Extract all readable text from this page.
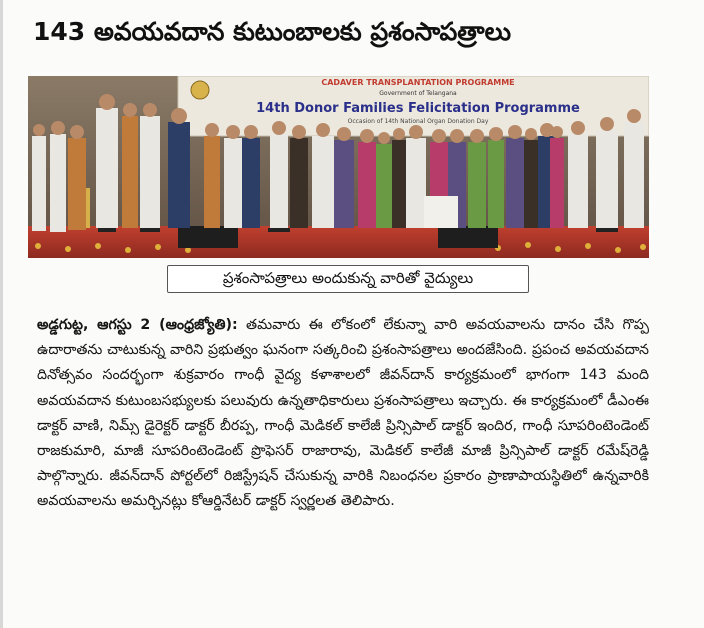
143 అవయవదాన కుటుంబాలకు ప్రశంసాపత్రాలు
CADAVER TRANSPLANTATION PROGRAMME
Government of Telangana
14th Donor Families Felicitation Programme
Occasion of 14th National Organ Donation Day
ప్రశంసాపత్రాలు అందుకున్న వారితో వైద్యులు

అడ్డగుట్ట, ఆగస్టు 2 (ఆంధ్రజ్యోతి): తమవారు ఈ లోకంలో లేకున్నా వారి అవయవాలను దానం చేసి గొప్ప ఉదారాతను చాటుకున్న వారిని ప్రభుత్వం ఘనంగా సత్కరించి ప్రశంసాపత్రాలు అందజేసింది. ప్రపంచ అవయవదాన దినోత్సవం సందర్భంగా శుక్రవారం గాంధీ వైద్య కళాశాలలో జీవన్‌దాన్ కార్యక్రమంలో భాగంగా 143 మంది అవయవదాన కుటుంబసభ్యులకు పలువురు ఉన్నతాధికారులు ప్రశంసాపత్రాలు ఇచ్చారు. ఈ కార్యక్రమంలో డీఎంఈ డాక్టర్ వాణి, నిమ్స్ డైరెక్టర్ డాక్టర్ బీరప్ప, గాంధీ మెడికల్ కాలేజీ ప్రిన్సిపాల్ డాక్టర్ ఇందిర, గాంధీ సూపరింటెండెంట్ రాజకుమారి, మాజీ సూపరింటెండెంట్ ప్రొఫెసర్ రాజారావు, మెడికల్ కాలేజీ మాజీ ప్రిన్సిపాల్ డాక్టర్ రమేష్‌రెడ్డి పాల్గొన్నారు. జీవన్‌దాన్ పోర్టల్‌లో రిజిస్ట్రేషన్ చేసుకున్న వారికి నిబంధనల ప్రకారం ప్రాణాపాయస్థితిలో ఉన్నవారికి అవయవాలను అమర్చినట్లు కోఆర్డినేటర్ డాక్టర్ స్వర్ణలత తెలిపారు.
